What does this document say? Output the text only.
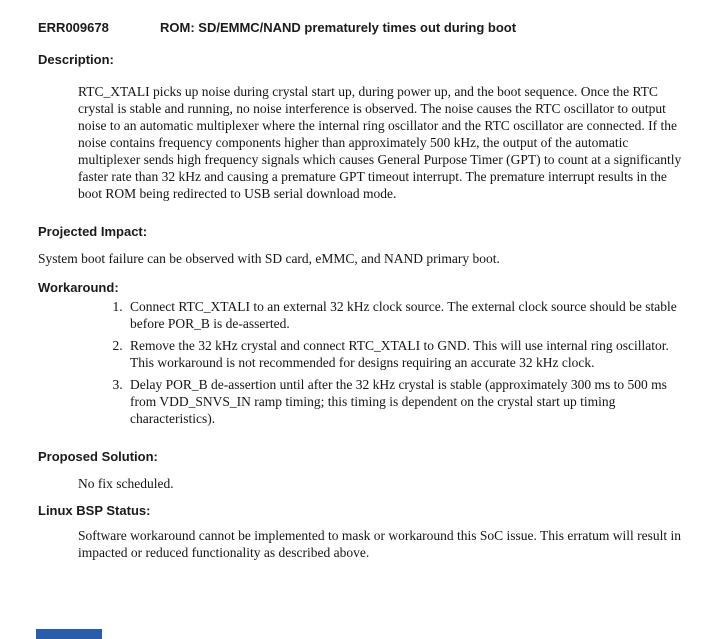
ERR009678	ROM: SD/EMMC/NAND prematurely times out during boot
Description:

RTC_XTALI picks up noise during crystal start up, during power up, and the boot sequence. Once the RTC crystal is stable and running, no noise interference is observed. The noise causes the RTC oscillator to output noise to an automatic multiplexer where the internal ring oscillator and the RTC oscillator are connected. If the noise contains frequency components higher than approximately 500 kHz, the output of the automatic multiplexer sends high frequency signals which causes General Purpose Timer (GPT) to count at a significantly faster rate than 32 kHz and causing a premature GPT timeout interrupt. The premature interrupt results in the boot ROM being redirected to USB serial download mode.

Projected Impact:

System boot failure can be observed with SD card, eMMC, and NAND primary boot.

Workaround:
1. Connect RTC_XTALI to an external 32 kHz clock source. The external clock source should be stable before POR_B is de-asserted.
2. Remove the 32 kHz crystal and connect RTC_XTALI to GND. This will use internal ring oscillator. This workaround is not recommended for designs requiring an accurate 32 kHz clock.
3. Delay POR_B de-assertion until after the 32 kHz crystal is stable (approximately 300 ms to 500 ms from VDD_SNVS_IN ramp timing; this timing is dependent on the crystal start up timing characteristics).
Proposed Solution:

No fix scheduled.

Linux BSP Status:

Software workaround cannot be implemented to mask or workaround this SoC issue. This erratum will result in impacted or reduced functionality as described above.
